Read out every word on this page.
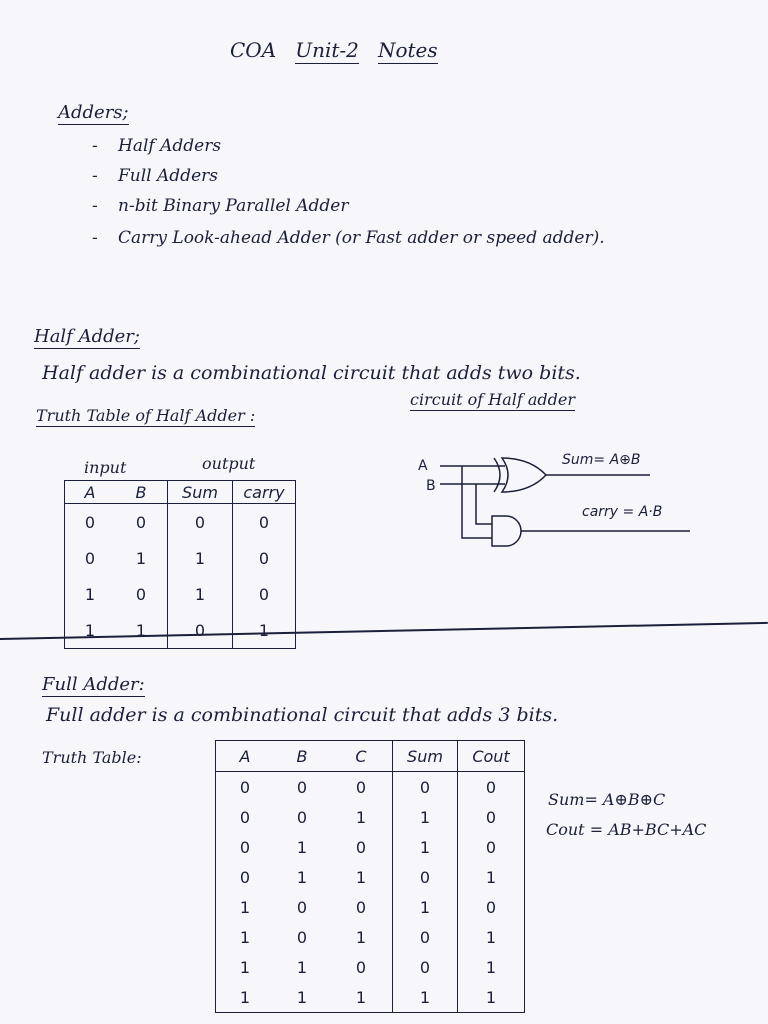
COA Unit-2 Notes
Adders;
- Half Adders
- Full Adders
- n-bit Binary Parallel Adder
- Carry Look-ahead Adder (or Fast adder or speed adder).
Half Adder;
Half adder is a combinational circuit that adds two bits.
Truth Table of Half Adder :
circuit of Half adder
input	output
A	B	Sum	carry
0	0	0	0
0	1	1	0
1	0	1	0
1	1	0	1
A
B
Sum= A⊕B
carry = A·B
Full Adder:
Full adder is a combinational circuit that adds 3 bits.
Truth Table:	A	B	C	Sum	Cout
0	0	0	0	0
0	0	1	1	0
0	1	0	1	0
0	1	1	0	1
1	0	0	1	0
1	0	1	0	1
1	1	0	0	1
1	1	1	1	1
Sum= A⊕B⊕C
Cout = AB+BC+AC
